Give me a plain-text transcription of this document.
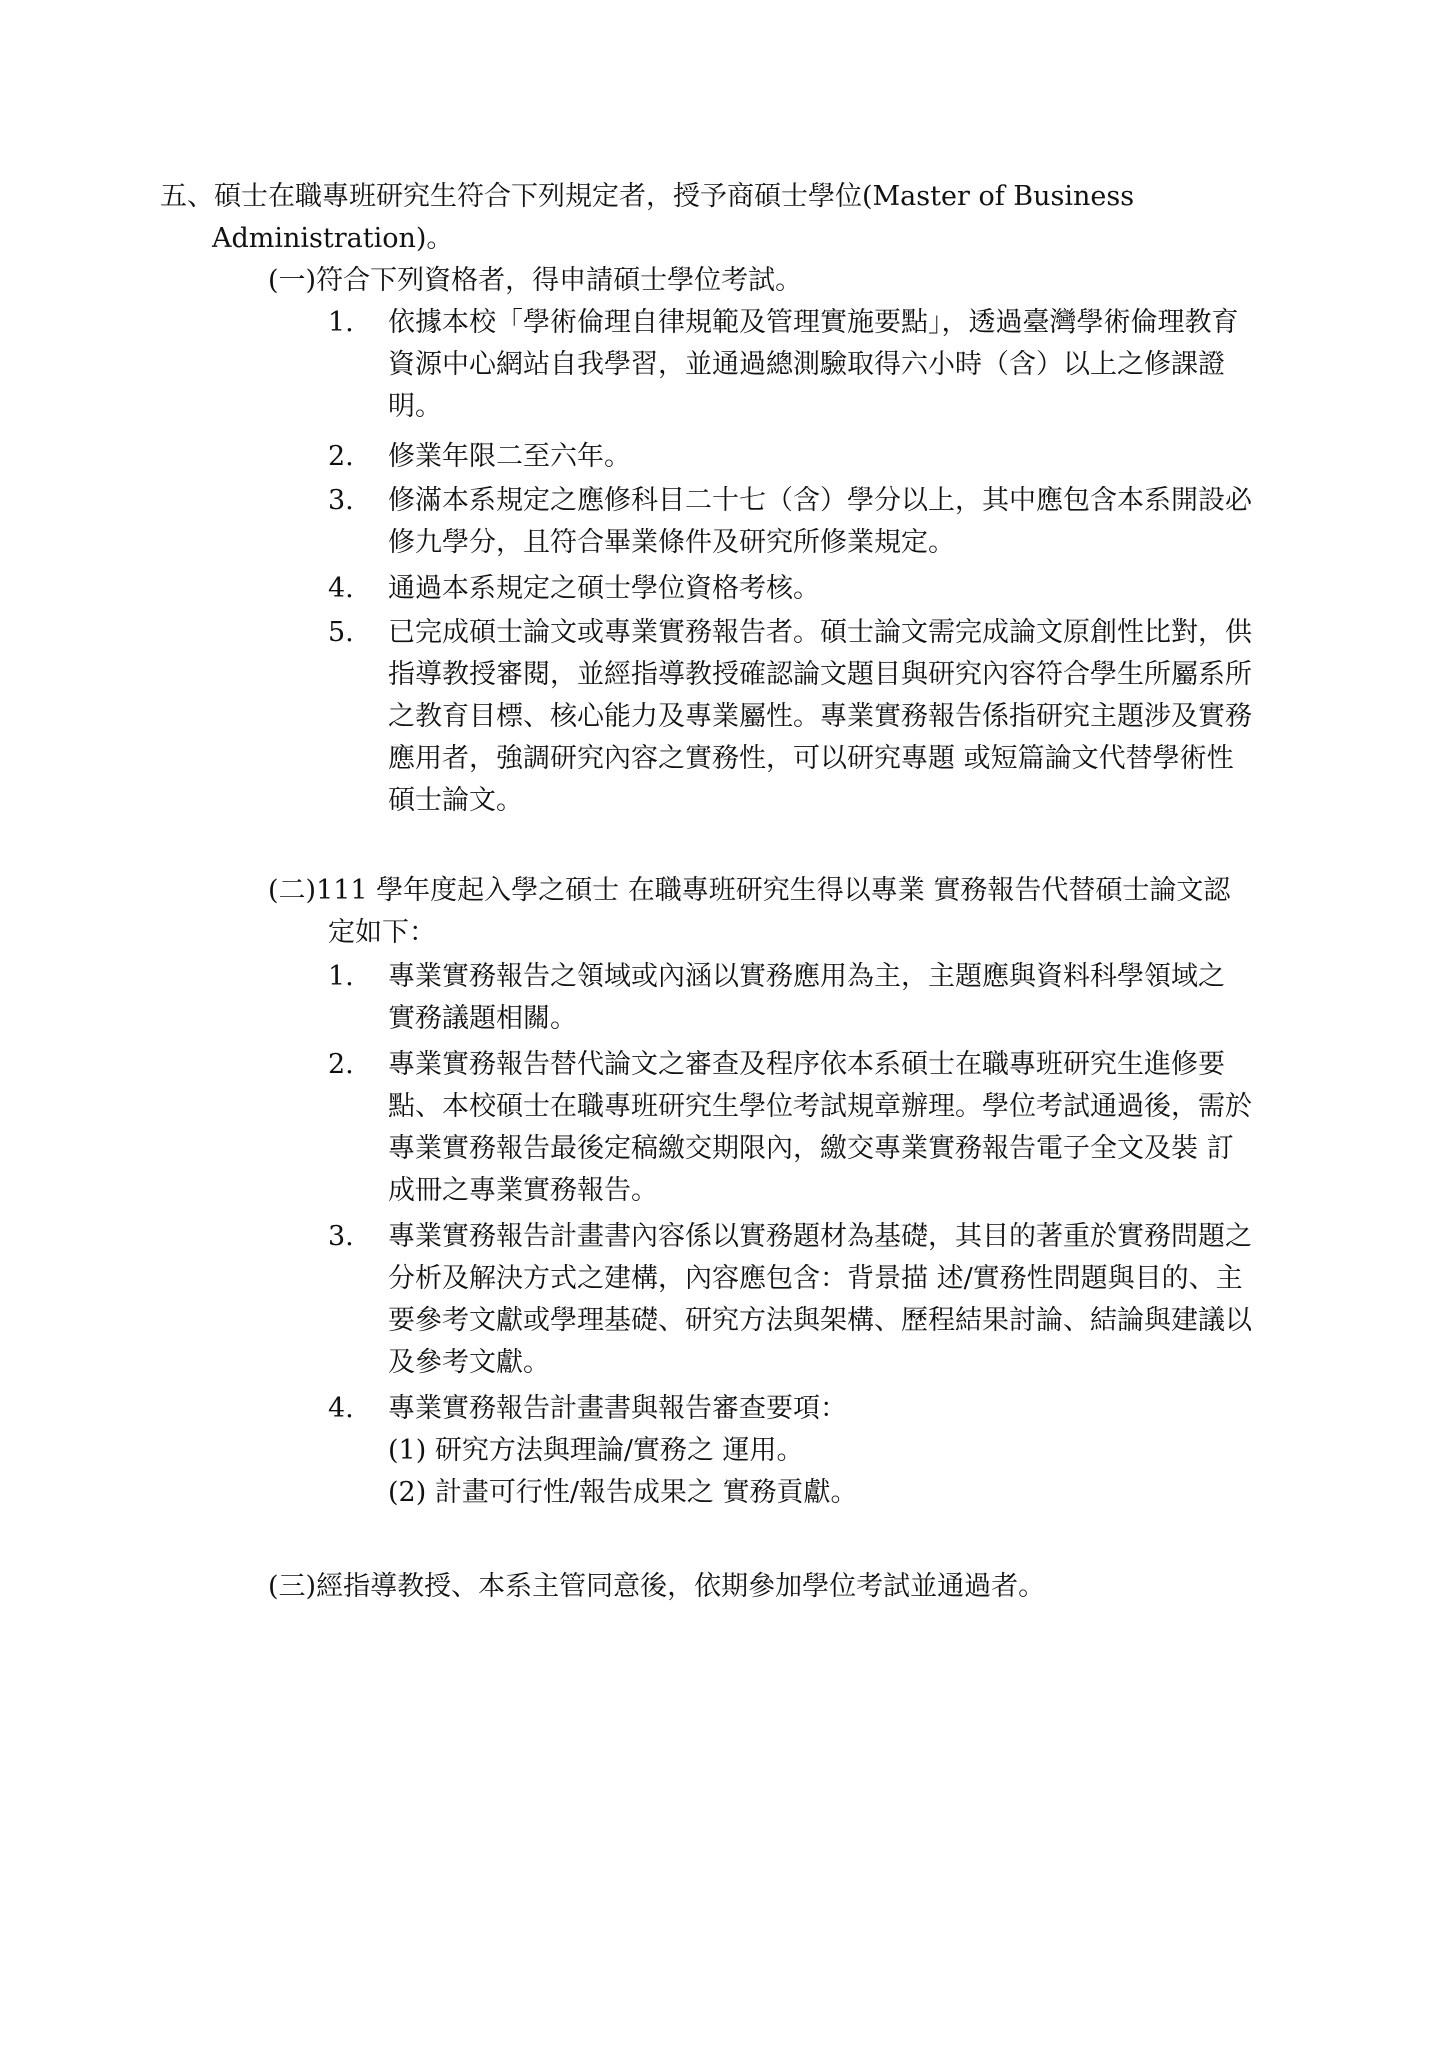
五、碩士在職專班研究生符合下列規定者，授予商碩士學位(Master of Business
Administration)。
(一)符合下列資格者，得申請碩士學位考試。
1. 依據本校「學術倫理自律規範及管理實施要點」，透過臺灣學術倫理教育
資源中心網站自我學習，並通過總測驗取得六小時（含）以上之修課證
明。
2. 修業年限二至六年。
3. 修滿本系規定之應修科目二十七（含）學分以上，其中應包含本系開設必
修九學分，且符合畢業條件及研究所修業規定。
4. 通過本系規定之碩士學位資格考核。
5. 已完成碩士論文或專業實務報告者。碩士論文需完成論文原創性比對，供
指導教授審閱，並經指導教授確認論文題目與研究內容符合學生所屬系所
之教育目標、核心能力及專業屬性。專業實務報告係指研究主題涉及實務
應用者，強調研究內容之實務性，可以研究專題 或短篇論文代替學術性
碩士論文。
(二)111 學年度起入學之碩士 在職專班研究生得以專業 實務報告代替碩士論文認
定如下：
1. 專業實務報告之領域或內涵以實務應用為主，主題應與資料科學領域之
實務議題相關。
2. 專業實務報告替代論文之審查及程序依本系碩士在職專班研究生進修要
點、本校碩士在職專班研究生學位考試規章辦理。學位考試通過後，需於
專業實務報告最後定稿繳交期限內，繳交專業實務報告電子全文及裝 訂
成冊之專業實務報告。
3. 專業實務報告計畫書內容係以實務題材為基礎，其目的著重於實務問題之
分析及解決方式之建構，內容應包含：背景描 述/實務性問題與目的、主
要參考文獻或學理基礎、研究方法與架構、歷程結果討論、結論與建議以
及參考文獻。
4. 專業實務報告計畫書與報告審查要項：
(1) 研究方法與理論/實務之 運用。
(2) 計畫可行性/報告成果之 實務貢獻。
(三)經指導教授、本系主管同意後，依期參加學位考試並通過者。
